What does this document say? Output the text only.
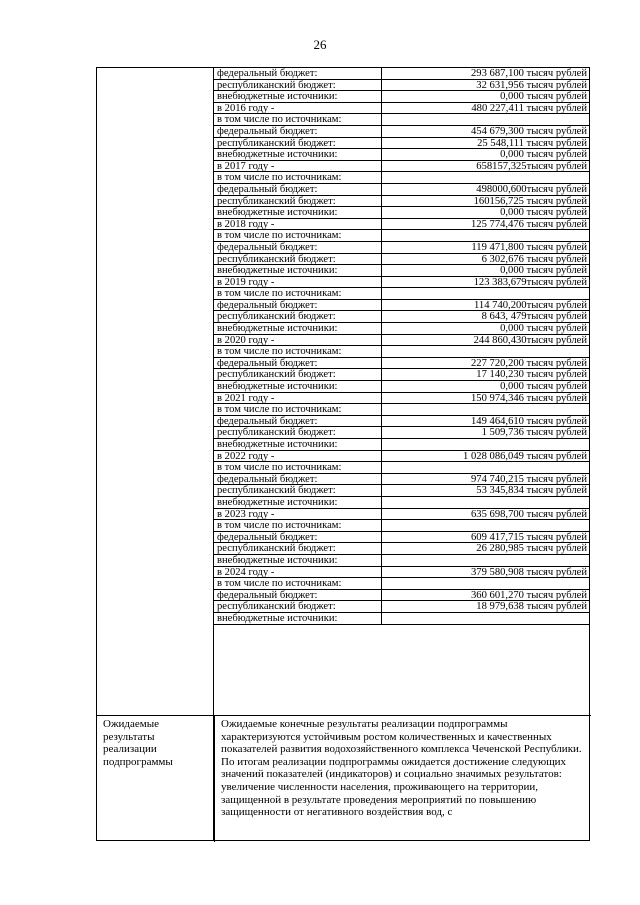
26
федеральный бюджет:	293 687,100 тысяч рублей
республиканский бюджет:	32 631,956 тысяч рублей
внебюджетные источники:	0,000 тысяч рублей
в 2016 году -	480 227,411 тысяч рублей
в том числе по источникам:
федеральный бюджет:	454 679,300 тысяч рублей
республиканский бюджет:	25 548,111 тысяч рублей
внебюджетные источники:	0,000 тысяч рублей
в 2017 году -	658157,325тысяч рублей
в том числе по источникам:
федеральный бюджет:	498000,600тысяч рублей
республиканский бюджет:	160156,725 тысяч рублей
внебюджетные источники:	0,000 тысяч рублей
в 2018 году -	125 774,476 тысяч рублей
в том числе по источникам:
федеральный бюджет:	119 471,800 тысяч рублей
республиканский бюджет:	6 302,676 тысяч рублей
внебюджетные источники:	0,000 тысяч рублей
в 2019 году -	123 383,679тысяч рублей
в том числе по источникам:
федеральный бюджет:	114 740,200тысяч рублей
республиканский бюджет:	8 643, 479тысяч рублей
внебюджетные источники:	0,000 тысяч рублей
в 2020 году -	244 860,430тысяч рублей
в том числе по источникам:
федеральный бюджет:	227 720,200 тысяч рублей
республиканский бюджет:	17 140,230 тысяч рублей
внебюджетные источники:	0,000 тысяч рублей
в 2021 году -	150 974,346 тысяч рублей
в том числе по источникам:
федеральный бюджет:	149 464,610 тысяч рублей
республиканский бюджет:	1 509,736 тысяч рублей
внебюджетные источники:
в 2022 году -	1 028 086,049 тысяч рублей
в том числе по источникам:
федеральный бюджет:	974 740,215 тысяч рублей
республиканский бюджет:	53 345,834 тысяч рублей
внебюджетные источники:
в 2023 году -	635 698,700 тысяч рублей
в том числе по источникам:
федеральный бюджет:	609 417,715 тысяч рублей
республиканский бюджет:	26 280,985 тысяч рублей
внебюджетные источники:
в 2024 году -	379 580,908 тысяч рублей
в том числе по источникам:
федеральный бюджет:	360 601,270 тысяч рублей
республиканский бюджет:	18 979,638 тысяч рублей
внебюджетные источники:
Ожидаемые результаты реализации подпрограммы

Ожидаемые конечные результаты реализации подпрограммы характеризуются устойчивым ростом количественных и качественных показателей развития водохозяйственного комплекса Чеченской Республики.

По итогам реализации подпрограммы ожидается достижение следующих значений показателей (индикаторов) и социально значимых результатов:

увеличение численности населения, проживающего на территории, защищенной в результате проведения мероприятий по повышению защищенности от негативного воздействия вод, с
